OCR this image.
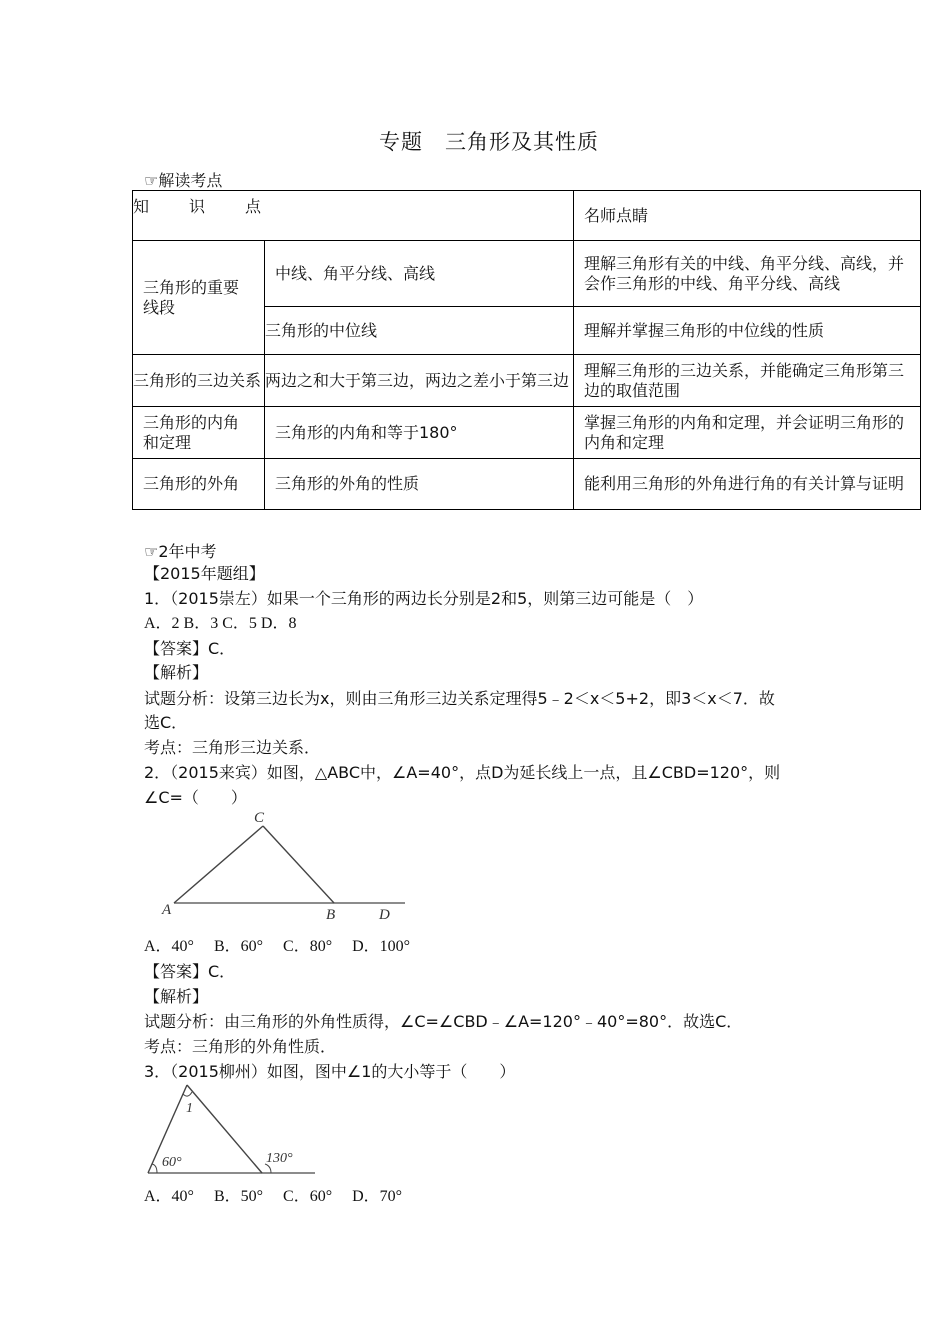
专题　三角形及其性质
☞解读考点
知　识　点		名师点睛
三角形的重要线段	中线、角平分线、高线	理解三角形有关的中线、角平分线、高线，并会作三角形的中线、角平分线、高线
	三角形的中位线	理解并掌握三角形的中位线的性质
三角形的三边关系	两边之和大于第三边，两边之差小于第三边	理解三角形的三边关系，并能确定三角形第三边的取值范围
三角形的内角和定理	三角形的内角和等于180°	掌握三角形的内角和定理，并会证明三角形的内角和定理
三角形的外角	三角形的外角的性质	能利用三角形的外角进行角的有关计算与证明
☞2年中考
【2015年题组】
1．（2015崇左）如果一个三角形的两边长分别是2和5，则第三边可能是（　）
A．2 B．3 C．5 D．8
【答案】C．
【解析】
试题分析：设第三边长为x，则由三角形三边关系定理得5﹣2＜x＜5+2，即3＜x＜7．故
选C．
考点：三角形三边关系．
2．（2015来宾）如图，△ABC中，∠A=40°，点D为延长线上一点，且∠CBD=120°，则
∠C=（　　）
C
A	B	D
A．40°　 B．60°　 C．80°　 D．100°
【答案】C．
【解析】
试题分析：由三角形的外角性质得，∠C=∠CBD﹣∠A=120°﹣40°=80°．故选C．
考点：三角形的外角性质．
3．（2015柳州）如图，图中∠1的大小等于（　　）
1
60°	130°
A．40°　 B．50°　 C．60°　 D．70°
